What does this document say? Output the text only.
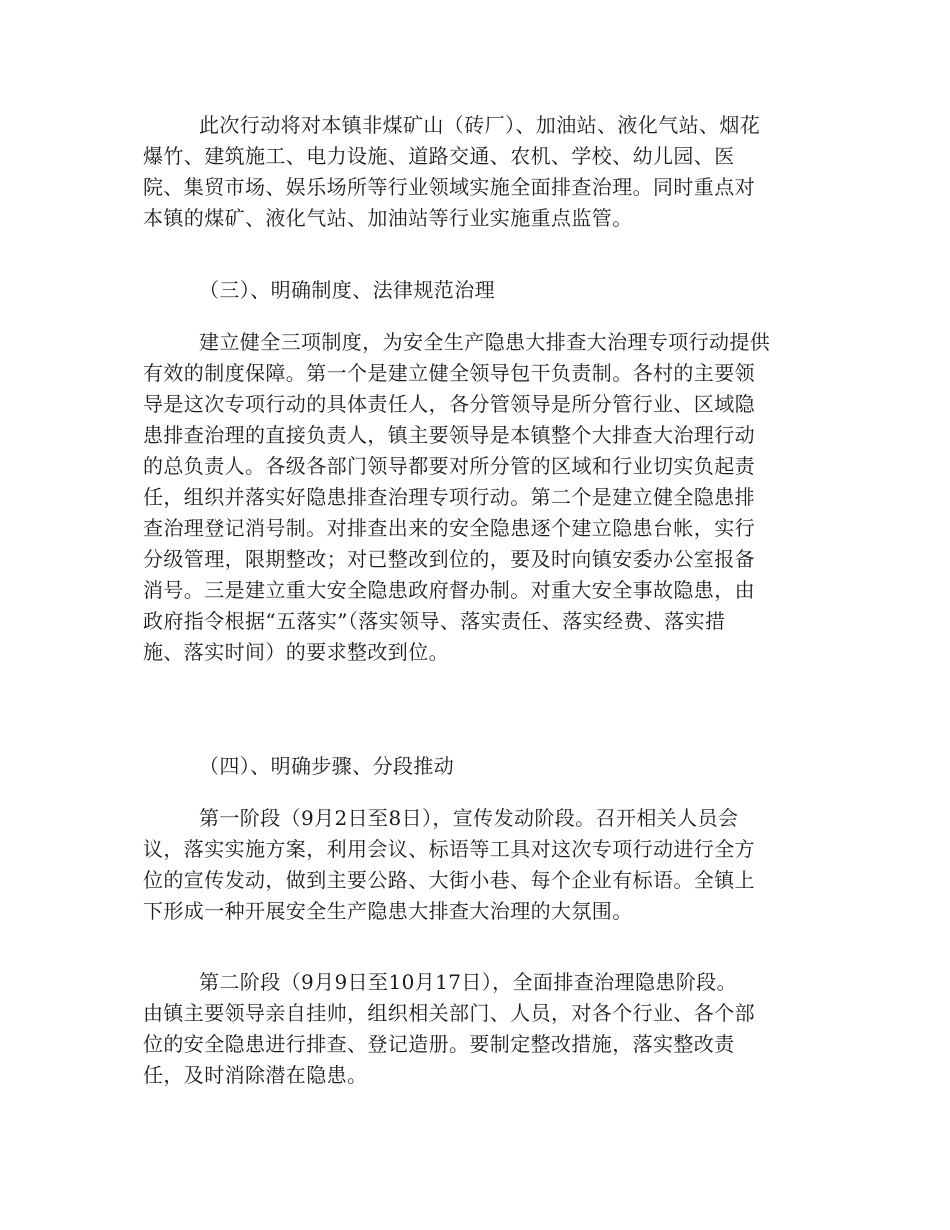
此次行动将对本镇非煤矿山（砖厂）、加油站、液化气站、烟花
爆竹、建筑施工、电力设施、道路交通、农机、学校、幼儿园、医
院、集贸市场、娱乐场所等行业领域实施全面排查治理。同时重点对
本镇的煤矿、液化气站、加油站等行业实施重点监管。

（三）、明确制度、法律规范治理

建立健全三项制度，为安全生产隐患大排查大治理专项行动提供
有效的制度保障。第一个是建立健全领导包干负责制。各村的主要领
导是这次专项行动的具体责任人，各分管领导是所分管行业、区域隐
患排查治理的直接负责人，镇主要领导是本镇整个大排查大治理行动
的总负责人。各级各部门领导都要对所分管的区域和行业切实负起责
任，组织并落实好隐患排查治理专项行动。第二个是建立健全隐患排
查治理登记消号制。对排查出来的安全隐患逐个建立隐患台帐，实行
分级管理，限期整改；对已整改到位的，要及时向镇安委办公室报备
消号。三是建立重大安全隐患政府督办制。对重大安全事故隐患，由
政府指令根据“五落实”（落实领导、落实责任、落实经费、落实措
施、落实时间）的要求整改到位。

（四）、明确步骤、分段推动

第一阶段（9月2日至8日），宣传发动阶段。召开相关人员会
议，落实实施方案，利用会议、标语等工具对这次专项行动进行全方
位的宣传发动，做到主要公路、大街小巷、每个企业有标语。全镇上
下形成一种开展安全生产隐患大排查大治理的大氛围。

第二阶段（9月9日至10月17日），全面排查治理隐患阶段。
由镇主要领导亲自挂帅，组织相关部门、人员，对各个行业、各个部
位的安全隐患进行排查、登记造册。要制定整改措施，落实整改责
任，及时消除潜在隐患。
